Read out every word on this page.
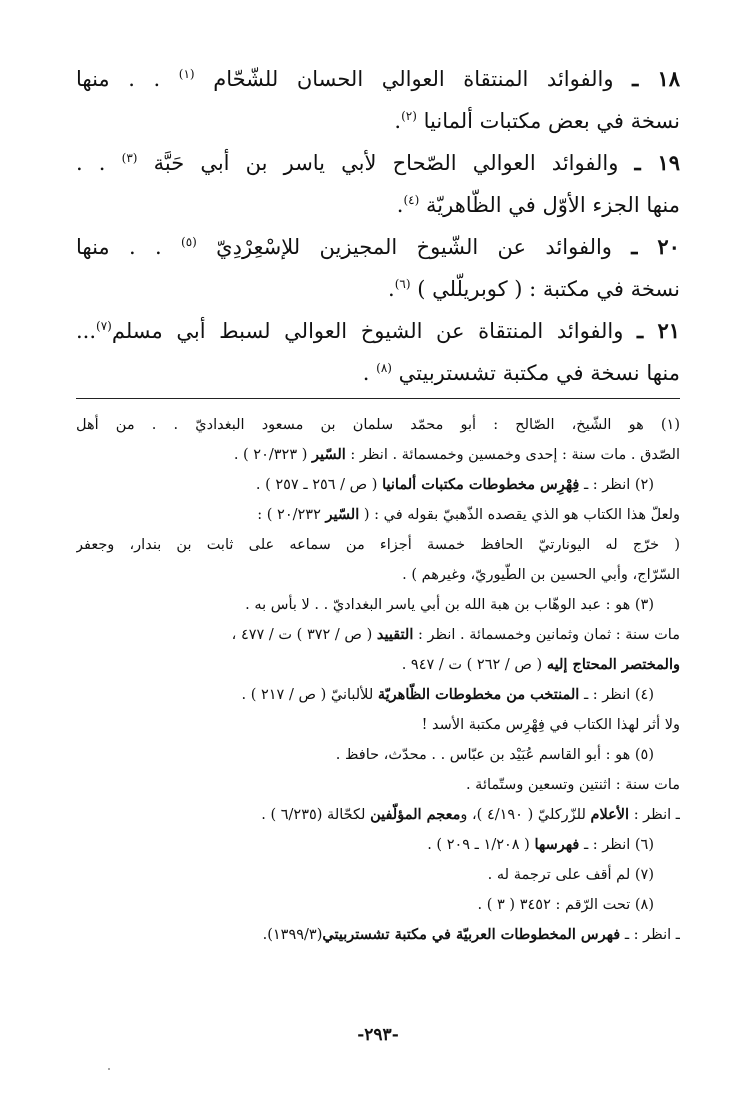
١٨ ـ والفوائد المنتقاة العوالي الحسان للشّحّام $^{(١)}$ . . منها
نسخة في بعض مكتبات ألمانيا $^{(٢)}$.
١٩ ـ والفوائد العوالي الصّحاح لأبي ياسر بن أبي حَبَّة $^{(٣)}$ . .
منها الجزء الأوّل في الظّاهريّة $^{(٤)}$.
٢٠ ـ والفوائد عن الشّيوخ المجيزين للإسْعِرْدِيّ $^{(٥)}$ . . منها
نسخة في مكتبة : ( كوبريلّلي ) $^{(٦)}$.
٢١ ـ والفوائد المنتقاة عن الشيوخ العوالي لسبط أبي مسلم$^{(٧)}$...
منها نسخة في مكتبة تشستربيتي $^{(٨)}$ .
(١) هو الشّيخ، الصّالح : أبو محمّد سلمان بن مسعود البغداديّ . . من أهل
الصّدق . مات سنة : إحدى وخمسين وخمسمائة . انظر : السّير ( ٢٠/٣٢٣ ) .
(٢) انظر : ـ فِهْرِس مخطوطات مكتبات ألمانيا ( ص / ٢٥٦ ـ ٢٥٧ ) .
ولعلّ هذا الكتاب هو الذي يقصده الذّهبيّ بقوله في : ( السّير ٢٠/٢٣٢ ) :
( خرّج له اليونارتيّ الحافظ خمسة أجزاء من سماعه على ثابت بن بندار، وجعفر
السّرّاج، وأبي الحسين بن الطّيوريّ، وغيرهم ) .
(٣) هو : عبد الوهّاب بن هبة الله بن أبي ياسر البغداديّ . . لا بأس به .
مات سنة : ثمان وثمانين وخمسمائة . انظر : التقييد ( ص / ٣٧٢ ) ت / ٤٧٧ ،
والمختصر المحتاج إليه ( ص / ٢٦٢ ) ت / ٩٤٧ .
(٤) انظر : ـ المنتخب من مخطوطات الظّاهريّة للألبانيّ ( ص / ٢١٧ ) .
ولا أثر لهذا الكتاب في فِهْرِس مكتبة الأسد !
(٥) هو : أبو القاسم عُبَيْد بن عبّاس . . محدّث، حافظ .
مات سنة : اثنتين وتسعين وستّمائة .
ـ انظر : الأعلام للزّركليّ ( ٤/١٩٠ )، ومعجم المؤلّفين لكحّالة (٦/٢٣٥ ) .
(٦) انظر : ـ فهرسها ( ١/٢٠٨ ـ ٢٠٩ ) .
(٧) لم أقف على ترجمة له .
(٨) تحت الرّقم : ٣٤٥٢ ( ٣ ) .
ـ انظر : ـ فهرس المخطوطات العربيّة في مكتبة تشستربيتي(١٣٩٩/٣).
-٢٩٣-
